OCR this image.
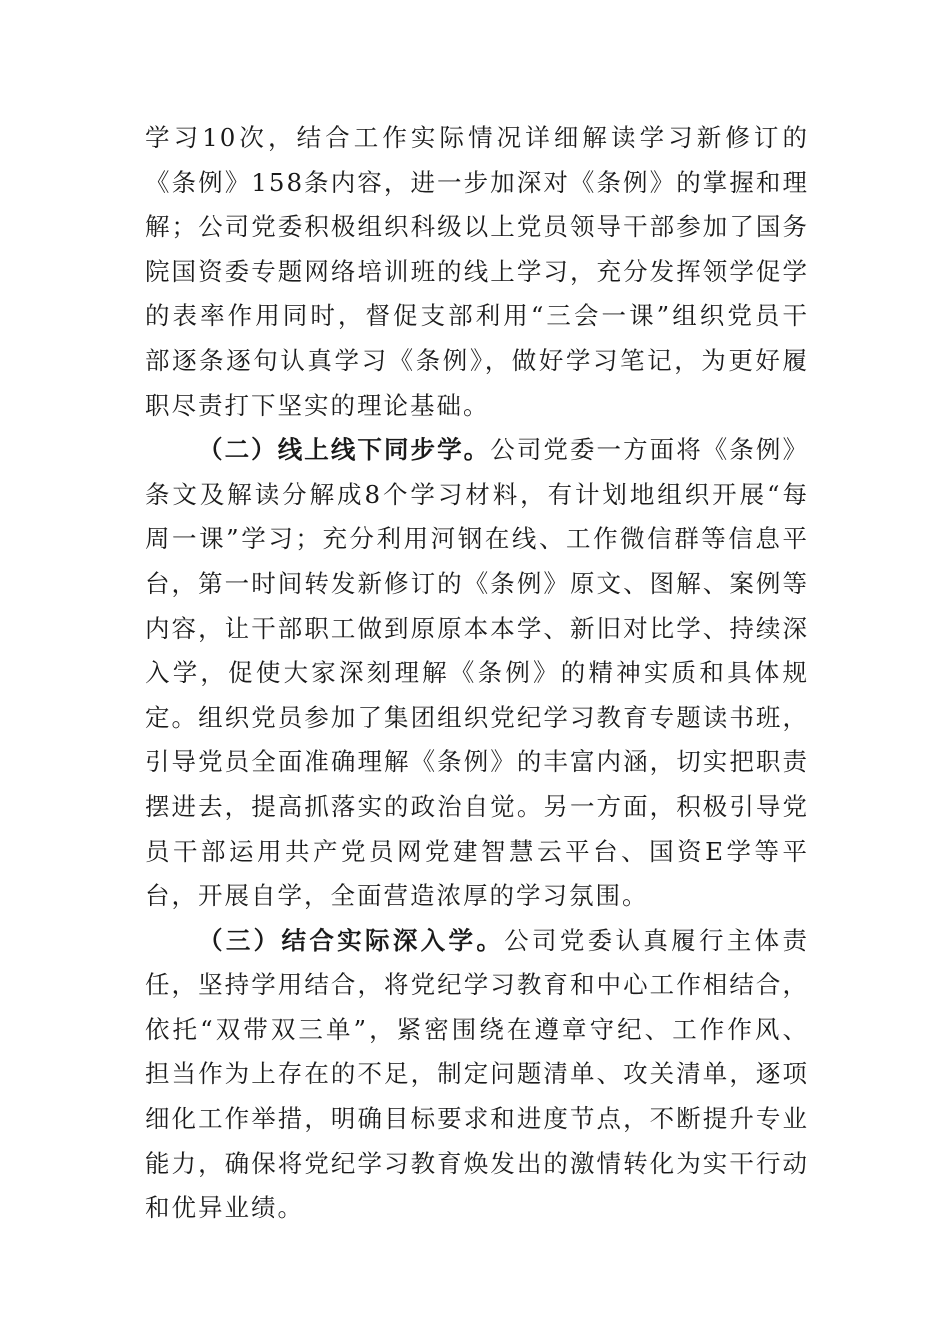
学习10次，结合工作实际情况详细解读学习新修订的《条例》158条内容，进一步加深对《条例》的掌握和理解；公司党委积极组织科级以上党员领导干部参加了国务院国资委专题网络培训班的线上学习，充分发挥领学促学的表率作用同时，督促支部利用“三会一课”组织党员干部逐条逐句认真学习《条例》，做好学习笔记，为更好履职尽责打下坚实的理论基础。

（二）线上线下同步学。公司党委一方面将《条例》条文及解读分解成8个学习材料，有计划地组织开展“每周一课”学习；充分利用河钢在线、工作微信群等信息平台，第一时间转发新修订的《条例》原文、图解、案例等内容，让干部职工做到原原本本学、新旧对比学、持续深入学，促使大家深刻理解《条例》的精神实质和具体规定。组织党员参加了集团组织党纪学习教育专题读书班，引导党员全面准确理解《条例》的丰富内涵，切实把职责摆进去，提高抓落实的政治自觉。另一方面，积极引导党员干部运用共产党员网党建智慧云平台、国资E学等平台，开展自学，全面营造浓厚的学习氛围。

（三）结合实际深入学。公司党委认真履行主体责任，坚持学用结合，将党纪学习教育和中心工作相结合，依托“双带双三单”，紧密围绕在遵章守纪、工作作风、担当作为上存在的不足，制定问题清单、攻关清单，逐项细化工作举措，明确目标要求和进度节点，不断提升专业能力，确保将党纪学习教育焕发出的激情转化为实干行动和优异业绩。
